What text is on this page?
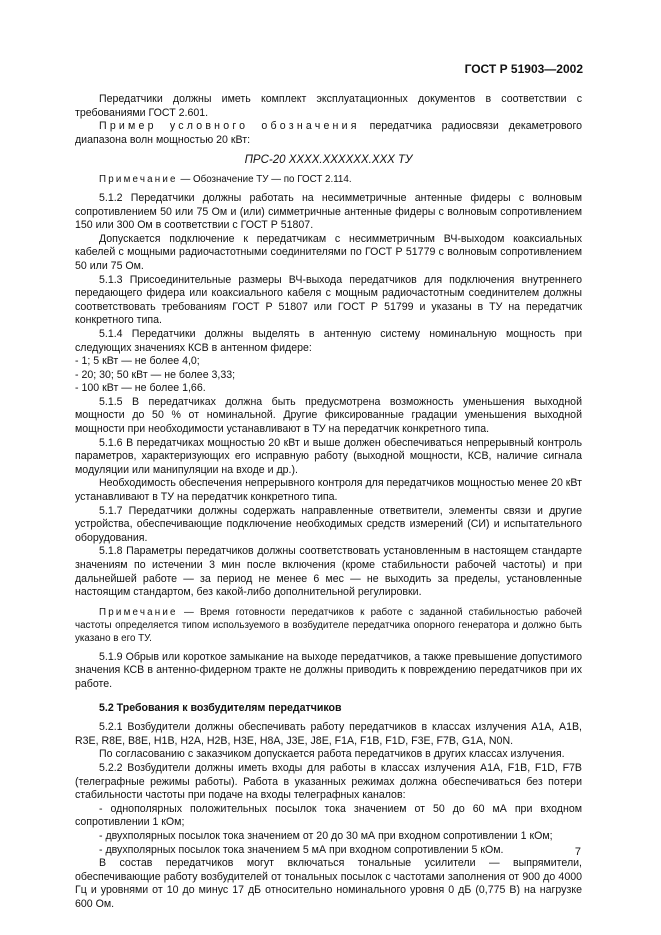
ГОСТ Р 51903—2002

Передатчики должны иметь комплект эксплуатационных документов в соответствии с требованиями ГОСТ 2.601.

Пример условного обозначения передатчика радиосвязи декаметрового диапазона волн мощностью 20 кВт:

ПРС-20 ХХХХ.ХХХХХХ.ХХХ ТУ

Примечание — Обозначение ТУ — по ГОСТ 2.114.

5.1.2 Передатчики должны работать на несимметричные антенные фидеры с волновым сопротивлением 50 или 75 Ом и (или) симметричные антенные фидеры с волновым сопротивлением 150 или 300 Ом в соответствии с ГОСТ Р 51807.

Допускается подключение к передатчикам с несимметричным ВЧ-выходом коаксиальных кабелей с мощными радиочастотными соединителями по ГОСТ Р 51779 с волновым сопротивлением 50 или 75 Ом.

5.1.3 Присоединительные размеры ВЧ-выхода передатчиков для подключения внутреннего передающего фидера или коаксиального кабеля с мощным радиочастотным соединителем должны соответствовать требованиям ГОСТ Р 51807 или ГОСТ Р 51799 и указаны в ТУ на передатчик конкретного типа.

5.1.4 Передатчики должны выделять в антенную систему номинальную мощность при следующих значениях КСВ в антенном фидере:

- 1; 5 кВт — не более 4,0;

- 20; 30; 50 кВт — не более 3,33;

- 100 кВт — не более 1,66.

5.1.5 В передатчиках должна быть предусмотрена возможность уменьшения выходной мощности до 50 % от номинальной. Другие фиксированные градации уменьшения выходной мощности при необходимости устанавливают в ТУ на передатчик конкретного типа.

5.1.6 В передатчиках мощностью 20 кВт и выше должен обеспечиваться непрерывный контроль параметров, характеризующих его исправную работу (выходной мощности, КСВ, наличие сигнала модуляции или манипуляции на входе и др.).

Необходимость обеспечения непрерывного контроля для передатчиков мощностью менее 20 кВт устанавливают в ТУ на передатчик конкретного типа.

5.1.7 Передатчики должны содержать направленные ответвители, элементы связи и другие устройства, обеспечивающие подключение необходимых средств измерений (СИ) и испытательного оборудования.

5.1.8 Параметры передатчиков должны соответствовать установленным в настоящем стандарте значениям по истечении 3 мин после включения (кроме стабильности рабочей частоты) и при дальнейшей работе — за период не менее 6 мес — не выходить за пределы, установленные настоящим стандартом, без какой-либо дополнительной регулировки.

Примечание — Время готовности передатчиков к работе с заданной стабильностью рабочей частоты определяется типом используемого в возбудителе передатчика опорного генератора и должно быть указано в его ТУ.

5.1.9 Обрыв или короткое замыкание на выходе передатчиков, а также превышение допустимого значения КСВ в антенно-фидерном тракте не должны приводить к повреждению передатчиков при их работе.

5.2 Требования к возбудителям передатчиков

5.2.1 Возбудители должны обеспечивать работу передатчиков в классах излучения А1А, А1В, R3E, R8E, B8E, H1B, H2A, H2B, H3E, H8A, J3E, J8E, F1A, F1B, F1D, F3E, F7B, G1A, N0N.

По согласованию с заказчиком допускается работа передатчиков в других классах излучения.

5.2.2 Возбудители должны иметь входы для работы в классах излучения А1А, F1B, F1D, F7B (телеграфные режимы работы). Работа в указанных режимах должна обеспечиваться без потери стабильности частоты при подаче на входы телеграфных каналов:

- однополярных положительных посылок тока значением от 50 до 60 мА при входном сопротивлении 1 кОм;

- двухполярных посылок тока значением от 20 до 30 мА при входном сопротивлении 1 кОм;

- двухполярных посылок тока значением 5 мА при входном сопротивлении 5 кОм.

В состав передатчиков могут включаться тональные усилители — выпрямители, обеспечивающие работу возбудителей от тональных посылок с частотами заполнения от 900 до 4000 Гц и уровнями от 10 до минус 17 дБ относительно номинального уровня 0 дБ (0,775 В) на нагрузке 600 Ом.

7
